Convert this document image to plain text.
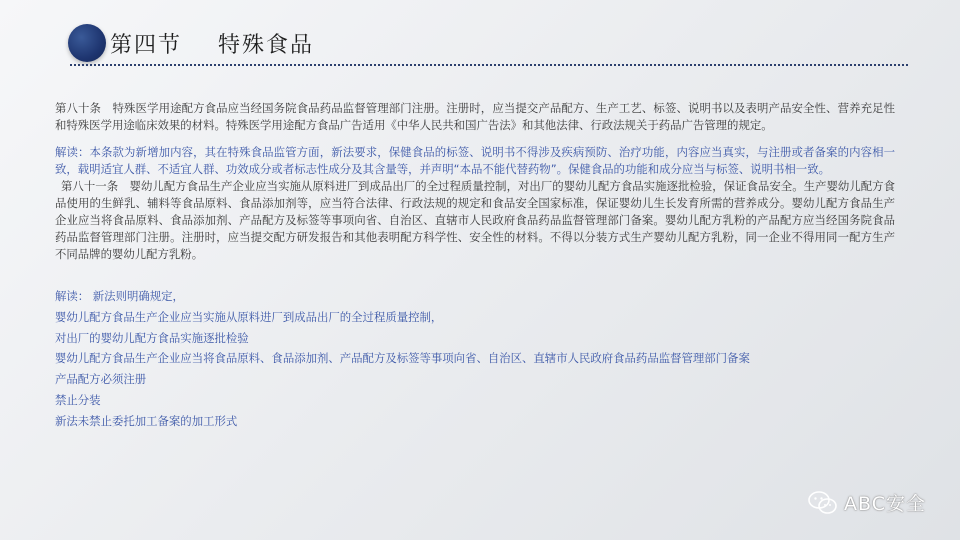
第四节    特殊食品

第八十条　特殊医学用途配方食品应当经国务院食品药品监督管理部门注册。注册时，应当提交产品配方、生产工艺、标签、说明书以及表明产品安全性、营养充足性和特殊医学用途临床效果的材料。特殊医学用途配方食品广告适用《中华人民共和国广告法》和其他法律、行政法规关于药品广告管理的规定。

解读：本条款为新增加内容，其在特殊食品监管方面，新法要求，保健食品的标签、说明书不得涉及疾病预防、治疗功能，内容应当真实，与注册或者备案的内容相一致，载明适宜人群、不适宜人群、功效成分或者标志性成分及其含量等，并声明“本品不能代替药物”。保健食品的功能和成分应当与标签、说明书相一致。

第八十一条　婴幼儿配方食品生产企业应当实施从原料进厂到成品出厂的全过程质量控制，对出厂的婴幼儿配方食品实施逐批检验，保证食品安全。生产婴幼儿配方食品使用的生鲜乳、辅料等食品原料、食品添加剂等，应当符合法律、行政法规的规定和食品安全国家标准，保证婴幼儿生长发育所需的营养成分。婴幼儿配方食品生产企业应当将食品原料、食品添加剂、产品配方及标签等事项向省、自治区、直辖市人民政府食品药品监督管理部门备案。婴幼儿配方乳粉的产品配方应当经国务院食品药品监督管理部门注册。注册时，应当提交配方研发报告和其他表明配方科学性、安全性的材料。不得以分装方式生产婴幼儿配方乳粉，同一企业不得用同一配方生产不同品牌的婴幼儿配方乳粉。

解读： 新法则明确规定，
婴幼儿配方食品生产企业应当实施从原料进厂到成品出厂的全过程质量控制，
对出厂的婴幼儿配方食品实施逐批检验
婴幼儿配方食品生产企业应当将食品原料、食品添加剂、产品配方及标签等事项向省、自治区、直辖市人民政府食品药品监督管理部门备案
产品配方必须注册
禁止分装
新法未禁止委托加工备案的加工形式
ABC安全
